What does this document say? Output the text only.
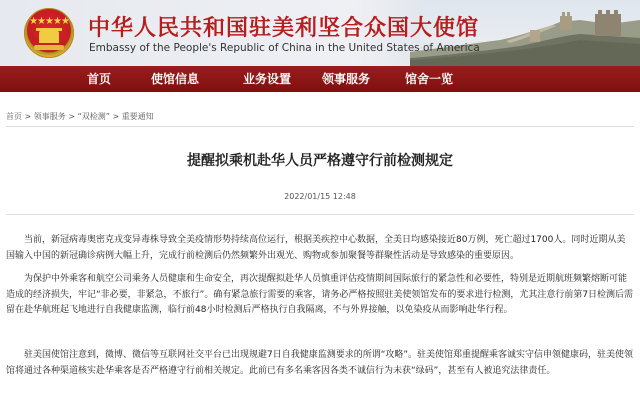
★★★★★ 中华人民共和国驻美利坚合众国大使馆
Embassy of the People's Republic of China in the United States of America
首页	使馆信息	业务设置	领事服务	馆舍一览
首页 > 领事服务 > “双检测” > 重要通知
提醒拟乘机赴华人员严格遵守行前检测规定
2022/01/15 12:48

当前，新冠病毒奥密克戎变异毒株导致全美疫情形势持续高位运行，根据美疾控中心数据，全美日均感染接近80万例，死亡超过1700人。同时近期从美国输入中国的新冠确诊病例大幅上升，完成行前检测后仍然频繁外出观光、购物或参加聚餐等群聚性活动是导致感染的重要原因。

为保护中外乘客和航空公司乘务人员健康和生命安全，再次提醒拟赴华人员慎重评估疫情期间国际旅行的紧急性和必要性，特别是近期航班频繁熔断可能造成的经济损失，牢记“非必要，非紧急，不旅行”。确有紧急旅行需要的乘客，请务必严格按照驻美使领馆发布的要求进行检测，尤其注意行前第7日检测后需留在赴华航班起飞地进行自我健康监测，临行前48小时检测后严格执行自我隔离，不与外界接触，以免染疫从而影响赴华行程。

驻美国使馆注意到，微博、微信等互联网社交平台已出现规避7日自我健康监测要求的所谓“攻略”。驻美使馆郑重提醒乘客诚实守信申领健康码，驻美使领馆将通过各种渠道核实赴华乘客是否严格遵守行前相关规定。此前已有多名乘客因各类不诚信行为未获“绿码”，甚至有人被追究法律责任。
